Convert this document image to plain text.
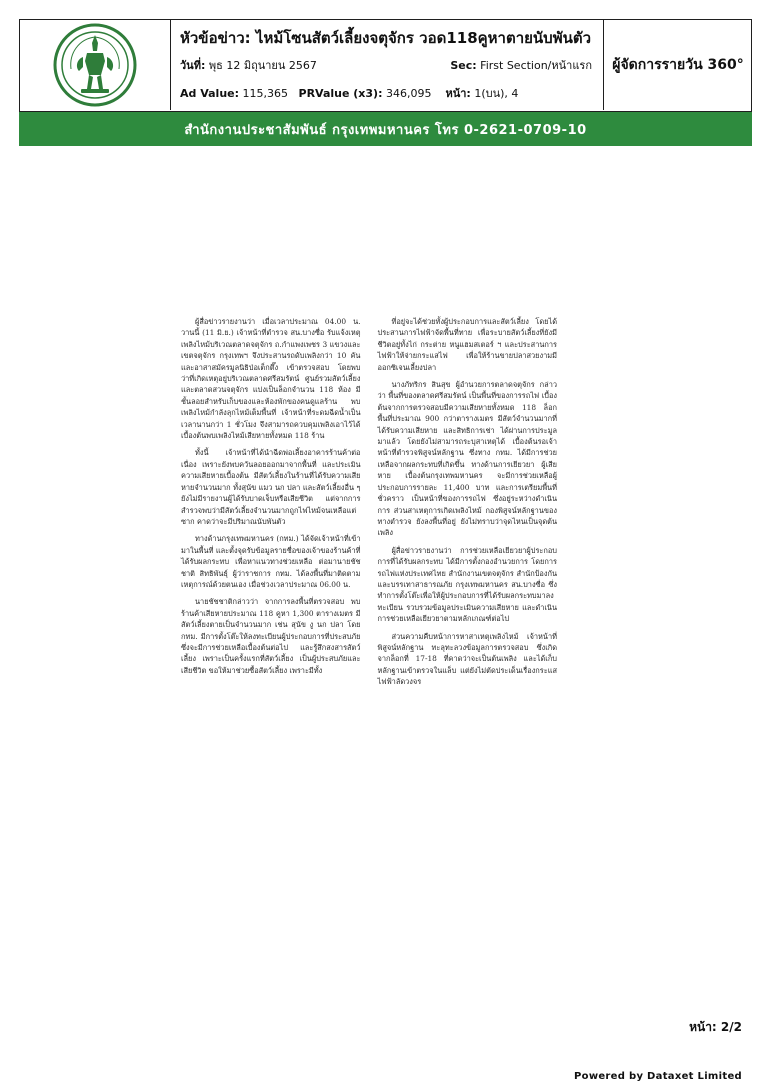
หัวข้อข่าว: ไหม้โซนสัตว์เลี้ยงจตุจักร วอด118คูหาตายนับพันตัว
วันที่: พุธ 12 มิถุนายน 2567	Sec: First Section/หน้าแรก
Ad Value: 115,365 PRValue (x3): 346,095 หน้า: 1(บน), 4
ผู้จัดการรายวัน 360°
สำนักงานประชาสัมพันธ์ กรุงเทพมหานคร โทร 0-2621-0709-10

ผู้สื่อข่าวรายงานว่า เมื่อเวลาประมาณ 04.00 น. วานนี้ (11 มิ.ย.) เจ้าหน้าที่ตำรวจ สน.บางซื่อ รับแจ้งเหตุเพลิงไหม้บริเวณตลาดจตุจักร ถ.กำแพงเพชร 3 แขวงและเขตจตุจักร กรุงเทพฯ จึงประสานรถดับเพลิงกว่า 10 คัน และอาสาสมัครมูลนิธิป่อเต็กตึ๊ง เข้าตรวจสอบ โดยพบว่าที่เกิดเหตุอยู่บริเวณตลาดศรีสมรัตน์ ศูนย์รวมสัตว์เลี้ยง และตลาดสวนจตุจักร แบ่งเป็นล็อกจำนวน 118 ห้อง มีชั้นลอยสำหรับเก็บของและห้องพักของคนดูแลร้าน พบเพลิงไหม้กำลังลุกไหม้เต็มพื้นที่ เจ้าหน้าที่ระดมฉีดน้ำเป็นเวลานานกว่า 1 ชั่วโมง จึงสามารถควบคุมเพลิงเอาไว้ได้ เบื้องต้นพบเพลิงไหม้เสียหายทั้งหมด 118 ร้าน

ทั้งนี้ เจ้าหน้าที่ได้นำฉีดพ่อเลี้ยงอาคารร้านค้าต่อเนื่อง เพราะยังพบควันลอยออกมาจากพื้นที่ และประเมินความเสียหายเบื้องต้น มีสัตว์เลี้ยงในร้านที่ได้รับความเสียหายจำนวนมาก ทั้งสุนัข แมว นก ปลา และสัตว์เลี้ยงอื่น ๆ ยังไม่มีรายงานผู้ได้รับบาดเจ็บหรือเสียชีวิต แต่จากการสำรวจพบว่ามีสัตว์เลี้ยงจำนวนมากถูกไฟไหม้จนเหลือแต่ซาก คาดว่าจะมีปริมาณนับพันตัว

ทางด้านกรุงเทพมหานคร (กทม.) ได้จัดเจ้าหน้าที่เข้ามาในพื้นที่ และตั้งจุดรับข้อมูลรายชื่อของเจ้าของร้านค้าที่ได้รับผลกระทบ เพื่อหาแนวทางช่วยเหลือ ต่อมานายชัชชาติ สิทธิพันธุ์ ผู้ว่าราชการ กทม. ได้ลงพื้นที่มาติดตามเหตุการณ์ด้วยตนเอง เมื่อช่วงเวลาประมาณ 06.00 น.

นายชัชชาติกล่าวว่า จากการลงพื้นที่ตรวจสอบ พบร้านค้าเสียหายประมาณ 118 คูหา 1,300 ตารางเมตร มีสัตว์เลี้ยงตายเป็นจำนวนมาก เช่น สุนัข งู นก ปลา โดย กทม. มีการตั้งโต๊ะให้ลงทะเบียนผู้ประกอบการที่ประสบภัย ซึ่งจะมีการช่วยเหลือเบื้องต้นต่อไป และรู้สึกสงสารสัตว์เลี้ยง เพราะเป็นครั้งแรกที่สัตว์เลี้ยง เป็นผู้ประสบภัยและเสียชีวิต ขอให้มาช่วยซื้อสัตว์เลี้ยง เพราะมีทั้ง

ที่อยู่จะได้ช่วยทั้งผู้ประกอบการและสัตว์เลี้ยง โดยได้ประสานการไฟฟ้าจัดพื้นที่ทาย เพื่อระบายสัตว์เลี้ยงที่ยังมีชีวิตอยู่ทั้งไก่ กระต่าย หนูแฮมสเตอร์ ฯ และประสานการไฟฟ้าให้จ่ายกระแสไฟ เพื่อให้ร้านขายปลาสวยงามมีออกซิเจนเลี้ยงปลา

นางภัทริกร สินสุข ผู้อำนวยการตลาดจตุจักร กล่าวว่า พื้นที่ของตลาดศรีสมรัตน์ เป็นพื้นที่ของการรถไฟ เบื้องต้นจากการตรวจสอบมีความเสียหายทั้งหมด 118 ล็อก พื้นที่ประมาณ 900 กว่าตารางเมตร มีสัตว์จำนวนมากที่ได้รับความเสียหาย และสิทธิการเช่า ได้ผ่านการประมูลมาแล้ว โดยยังไม่สามารถระบุสาเหตุได้ เบื้องต้นรอเจ้าหน้าที่ตำรวจพิสูจน์หลักฐาน ซึ่งทาง กทม. ได้มีการช่วยเหลือจากผลกระทบที่เกิดขึ้น ทางด้านการเยียวยา ผู้เสียหาย เบื้องต้นกรุงเทพมหานคร จะมีการช่วยเหลือผู้ประกอบการรายละ 11,400 บาท และการเตรียมพื้นที่ชั่วคราว เป็นหน้าที่ของการรถไฟ ซึ่งอยู่ระหว่างดำเนินการ ส่วนสาเหตุการเกิดเพลิงไหม้ กองพิสูจน์หลักฐานของทางตำรวจ ยังลงพื้นที่อยู่ ยังไม่ทราบว่าจุดไหนเป็นจุดต้นเพลิง

ผู้สื่อข่าวรายงานว่า การช่วยเหลือเยียวยาผู้ประกอบการที่ได้รับผลกระทบ ได้มีการตั้งกองอำนวยการ โดยการรถไฟแห่งประเทศไทย สำนักงานเขตจตุจักร สำนักป้องกันและบรรเทาสาธารณภัย กรุงเทพมหานคร สน.บางซื่อ ซึ่งทำการตั้งโต๊ะเพื่อให้ผู้ประกอบการที่ได้รับผลกระทบมาลงทะเบียน รวบรวมข้อมูลประเมินความเสียหาย และดำเนินการช่วยเหลือเยียวยาตามหลักเกณฑ์ต่อไป

ส่วนความคืบหน้าการหาสาเหตุเพลิงไหม้ เจ้าหน้าที่พิสูจน์หลักฐาน ทะลุทะลวงข้อมูลการตรวจสอบ ซึ่งเกิดจากล็อกที่ 17-18 ที่คาดว่าจะเป็นต้นเพลิง และได้เก็บหลักฐานเข้าตรวจในแล็บ แต่ยังไม่ตัดประเด็นเรื่องกระแสไฟฟ้าลัดวงจร

หน้า: 2/2
Powered by Dataxet Limited
